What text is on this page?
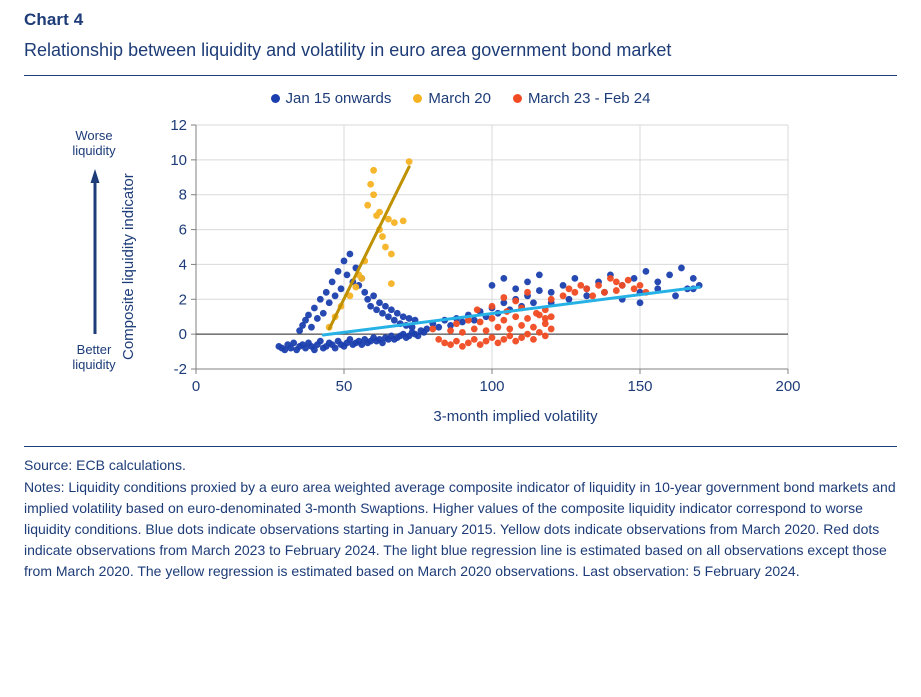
Chart 4
Relationship between liquidity and volatility in euro area government bond market
Jan 15 onwards March 20 March 23 - Feb 24
Worse liquidity
Better liquidity
Composite liquidity indicator
-2
0
2
4
6
8
10
12
0	50	100	150	200
3-month implied volatility
Source: ECB calculations.
Notes: Liquidity conditions proxied by a euro area weighted average composite indicator of liquidity in 10-year government bond markets and implied volatility based on euro-denominated 3-month Swaptions. Higher values of the composite liquidity indicator correspond to worse liquidity conditions. Blue dots indicate observations starting in January 2015. Yellow dots indicate observations from March 2020. Red dots indicate observations from March 2023 to February 2024. The light blue regression line is estimated based on all observations except those from March 2020. The yellow regression is estimated based on March 2020 observations. Last observation: 5 February 2024.
